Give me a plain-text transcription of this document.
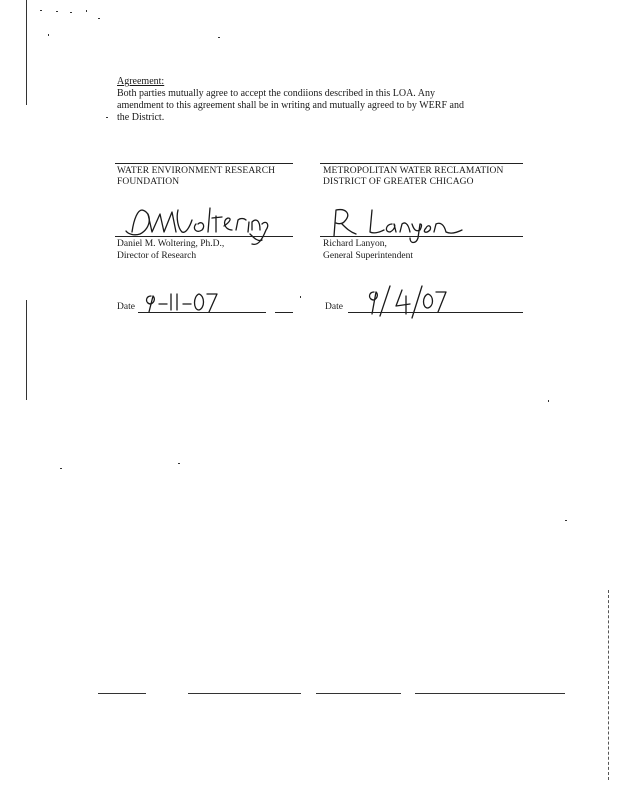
Agreement:
Both parties mutually agree to accept the condiions described in this LOA. Any
amendment to this agreement shall be in writing and mutually agreed to by WERF and
the District.
WATER ENVIRONMENT RESEARCH
FOUNDATION
METROPOLITAN WATER RECLAMATION
DISTRICT OF GREATER CHICAGO
Daniel M. Woltering, Ph.D.,
Director of Research
Richard Lanyon,
General Superintendent
Date	Date
